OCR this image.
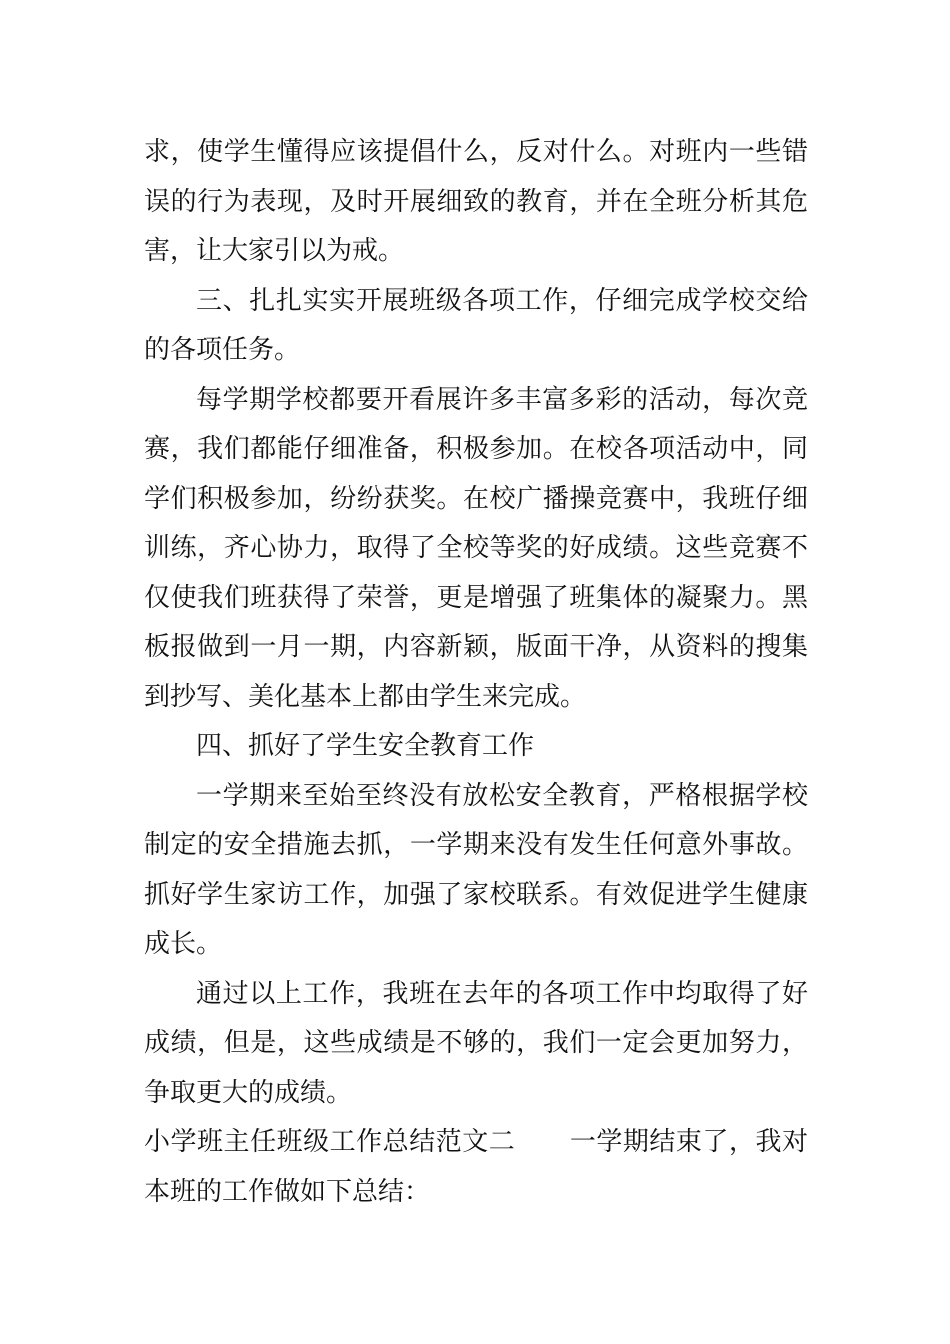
求，使学生懂得应该提倡什么，反对什么。对班内一些错误的行为表现，及时开展细致的教育，并在全班分析其危害，让大家引以为戒。

三、扎扎实实开展班级各项工作，仔细完成学校交给的各项任务。

每学期学校都要开看展许多丰富多彩的活动，每次竞赛，我们都能仔细准备，积极参加。在校各项活动中，同学们积极参加，纷纷获奖。在校广播操竞赛中，我班仔细训练，齐心协力，取得了全校等奖的好成绩。这些竞赛不仅使我们班获得了荣誉，更是增强了班集体的凝聚力。黑板报做到一月一期，内容新颖，版面干净，从资料的搜集到抄写、美化基本上都由学生来完成。

四、抓好了学生安全教育工作

一学期来至始至终没有放松安全教育，严格根据学校制定的安全措施去抓，一学期来没有发生任何意外事故。抓好学生家访工作，加强了家校联系。有效促进学生健康成长。

通过以上工作，我班在去年的各项工作中均取得了好成绩，但是，这些成绩是不够的，我们一定会更加努力，争取更大的成绩。

小学班主任班级工作总结范文二 一学期结束了，我对本班的工作做如下总结：
